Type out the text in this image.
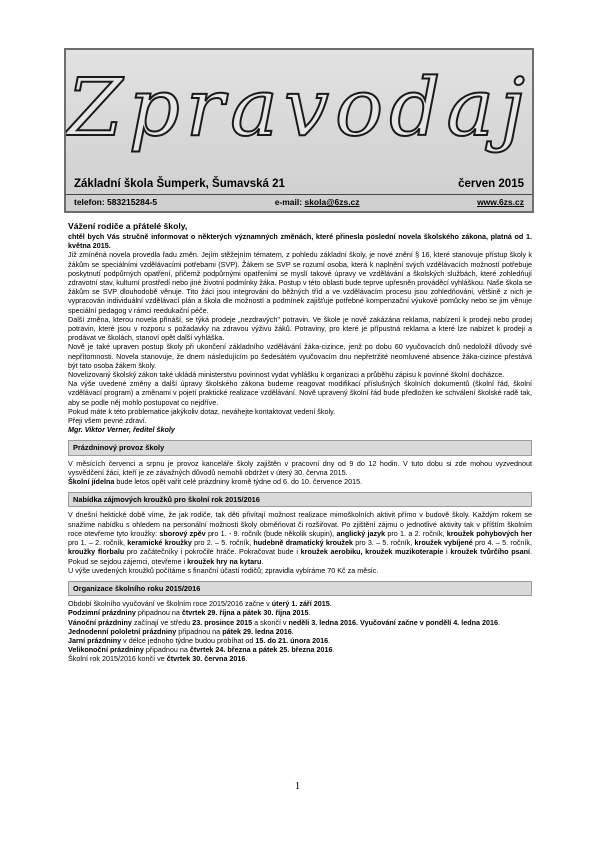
Zpravodaj
Základní škola Šumperk, Šumavská 21	červen 2015
telefon: 583215284-5	e-mail: skola@6zs.cz	www.6zs.cz

Vážení rodiče a přátelé školy,

chtěl bych Vás stručně informovat o některých významných změnách, které přinesla poslední novela školského zákona, platná od 1. května 2015.

Již zmíněná novela provedla řadu změn. Jejím stěžejním tématem, z pohledu základní školy, je nové znění § 16, které stanovuje přístup školy k žákům se speciálními vzdělávacími potřebami (SVP). Žákem se SVP se rozumí osoba, která k naplnění svých vzdělávacích možností potřebuje poskytnutí podpůrných opatření, přičemž podpůrnými opatřeními se myslí takové úpravy ve vzdělávání a školských službách, které zohledňují zdravotní stav, kulturní prostředí nebo jiné životní podmínky žáka. Postup v této oblasti bude teprve upřesněn prováděcí vyhláškou. Naše škola se žákům se SVP dlouhodobě věnuje. Tito žáci jsou integrováni do běžných tříd a ve vzdělávacím procesu jsou zohledňováni, většině z nich je vypracován individuální vzdělávací plán a škola dle možností a podmínek zajišťuje potřebné kompenzační výukové pomůcky nebo se jim věnuje speciální pedagog v rámci reedukační péče.

Další změna, kterou novela přináší, se týká prodeje „nezdravých" potravin. Ve škole je nově zakázána reklama, nabízení k prodeji nebo prodej potravin, které jsou v rozporu s požadavky na zdravou výživu žáků. Potraviny, pro které je přípustná reklama a které lze nabízet k prodeji a prodávat ve školách, stanoví opět další vyhláška.

Nově je také upraven postup školy při ukončení základního vzdělávání žáka-cizince, jenž po dobu 60 vyučovacích dnů nedoložil důvody své nepřítomnosti. Novela stanovuje, že dnem následujícím po šedesátém vyučovacím dnu nepřetržité neomluvené absence žáka-cizince přestává být tato osoba žákem školy.

Novelizovaný školský zákon také ukládá ministerstvu povinnost vydat vyhlášku k organizaci a průběhu zápisu k povinné školní docházce.

Na výše uvedené změny a další úpravy školského zákona budeme reagovat modifikací příslušných školních dokumentů (školní řád, školní vzdělávací program) a změnami v pojetí praktické realizace vzdělávání. Nově upravený školní řád bude předložen ke schválení školské radě tak, aby se podle něj mohlo postupovat co nejdříve.

Pokud máte k této problematice jakýkoliv dotaz, neváhejte kontaktovat vedení školy.

Přeji všem pevné zdraví.

Mgr. Viktor Verner, ředitel školy

Prázdninový provoz školy

V měsících červenci a srpnu je provoz kanceláře školy zajištěn v pracovní dny od 9 do 12 hodin. V tuto dobu si zde mohou vyzvednout vysvědčení žáci, kteří je ze závažných důvodů nemohli obdržet v úterý 30. června 2015.

Školní jídelna bude letos opět vařit celé prázdniny kromě týdne od 6. do 10. července 2015.

Nabídka zájmových kroužků pro školní rok 2015/2016

V dnešní hektické době víme, že jak rodiče, tak děti přivítají možnost realizace mimoškolních aktivit přímo v budově školy. Každým rokem se snažíme nabídku s ohledem na personální možnosti školy obměňovat či rozšiřovat. Po zjištění zájmu o jednotlivé aktivity tak v příštím školním roce otevřeme tyto kroužky: sborový zpěv pro 1. - 9. ročník (bude několik skupin), anglický jazyk pro 1. a 2. ročník, kroužek pohybových her pro 1. – 2. ročník, keramické kroužky pro 2. – 5. ročník, hudebně dramatický kroužek pro 3. – 5. ročník, kroužek vybíjené pro 4. – 5. ročník, kroužky florbalu pro začátečníky i pokročilé hráče. Pokračovat bude i kroužek aerobiku, kroužek muzikoterapie i kroužek tvůrčího psaní. Pokud se sejdou zájemci, otevřeme i kroužek hry na kytaru.

U výše uvedených kroužků počítáme s finanční účastí rodičů; zpravidla vybíráme 70 Kč za měsíc.

Organizace školního roku 2015/2016

Období školního vyučování ve školním roce 2015/2016 začne v úterý 1. září 2015.

Podzimní prázdniny připadnou na čtvrtek 29. října a pátek 30. října 2015.

Vánoční prázdniny začínají ve středu 23. prosince 2015 a skončí v neděli 3. ledna 2016. Vyučování začne v pondělí 4. ledna 2016.

Jednodenní pololetní prázdniny připadnou na pátek 29. ledna 2016.

Jarní prázdniny v délce jednoho týdne budou probíhat od 15. do 21. února 2016.

Velikonoční prázdniny připadnou na čtvrtek 24. března a pátek 25. března 2016.

Školní rok 2015/2016 končí ve čtvrtek 30. června 2016.

1
